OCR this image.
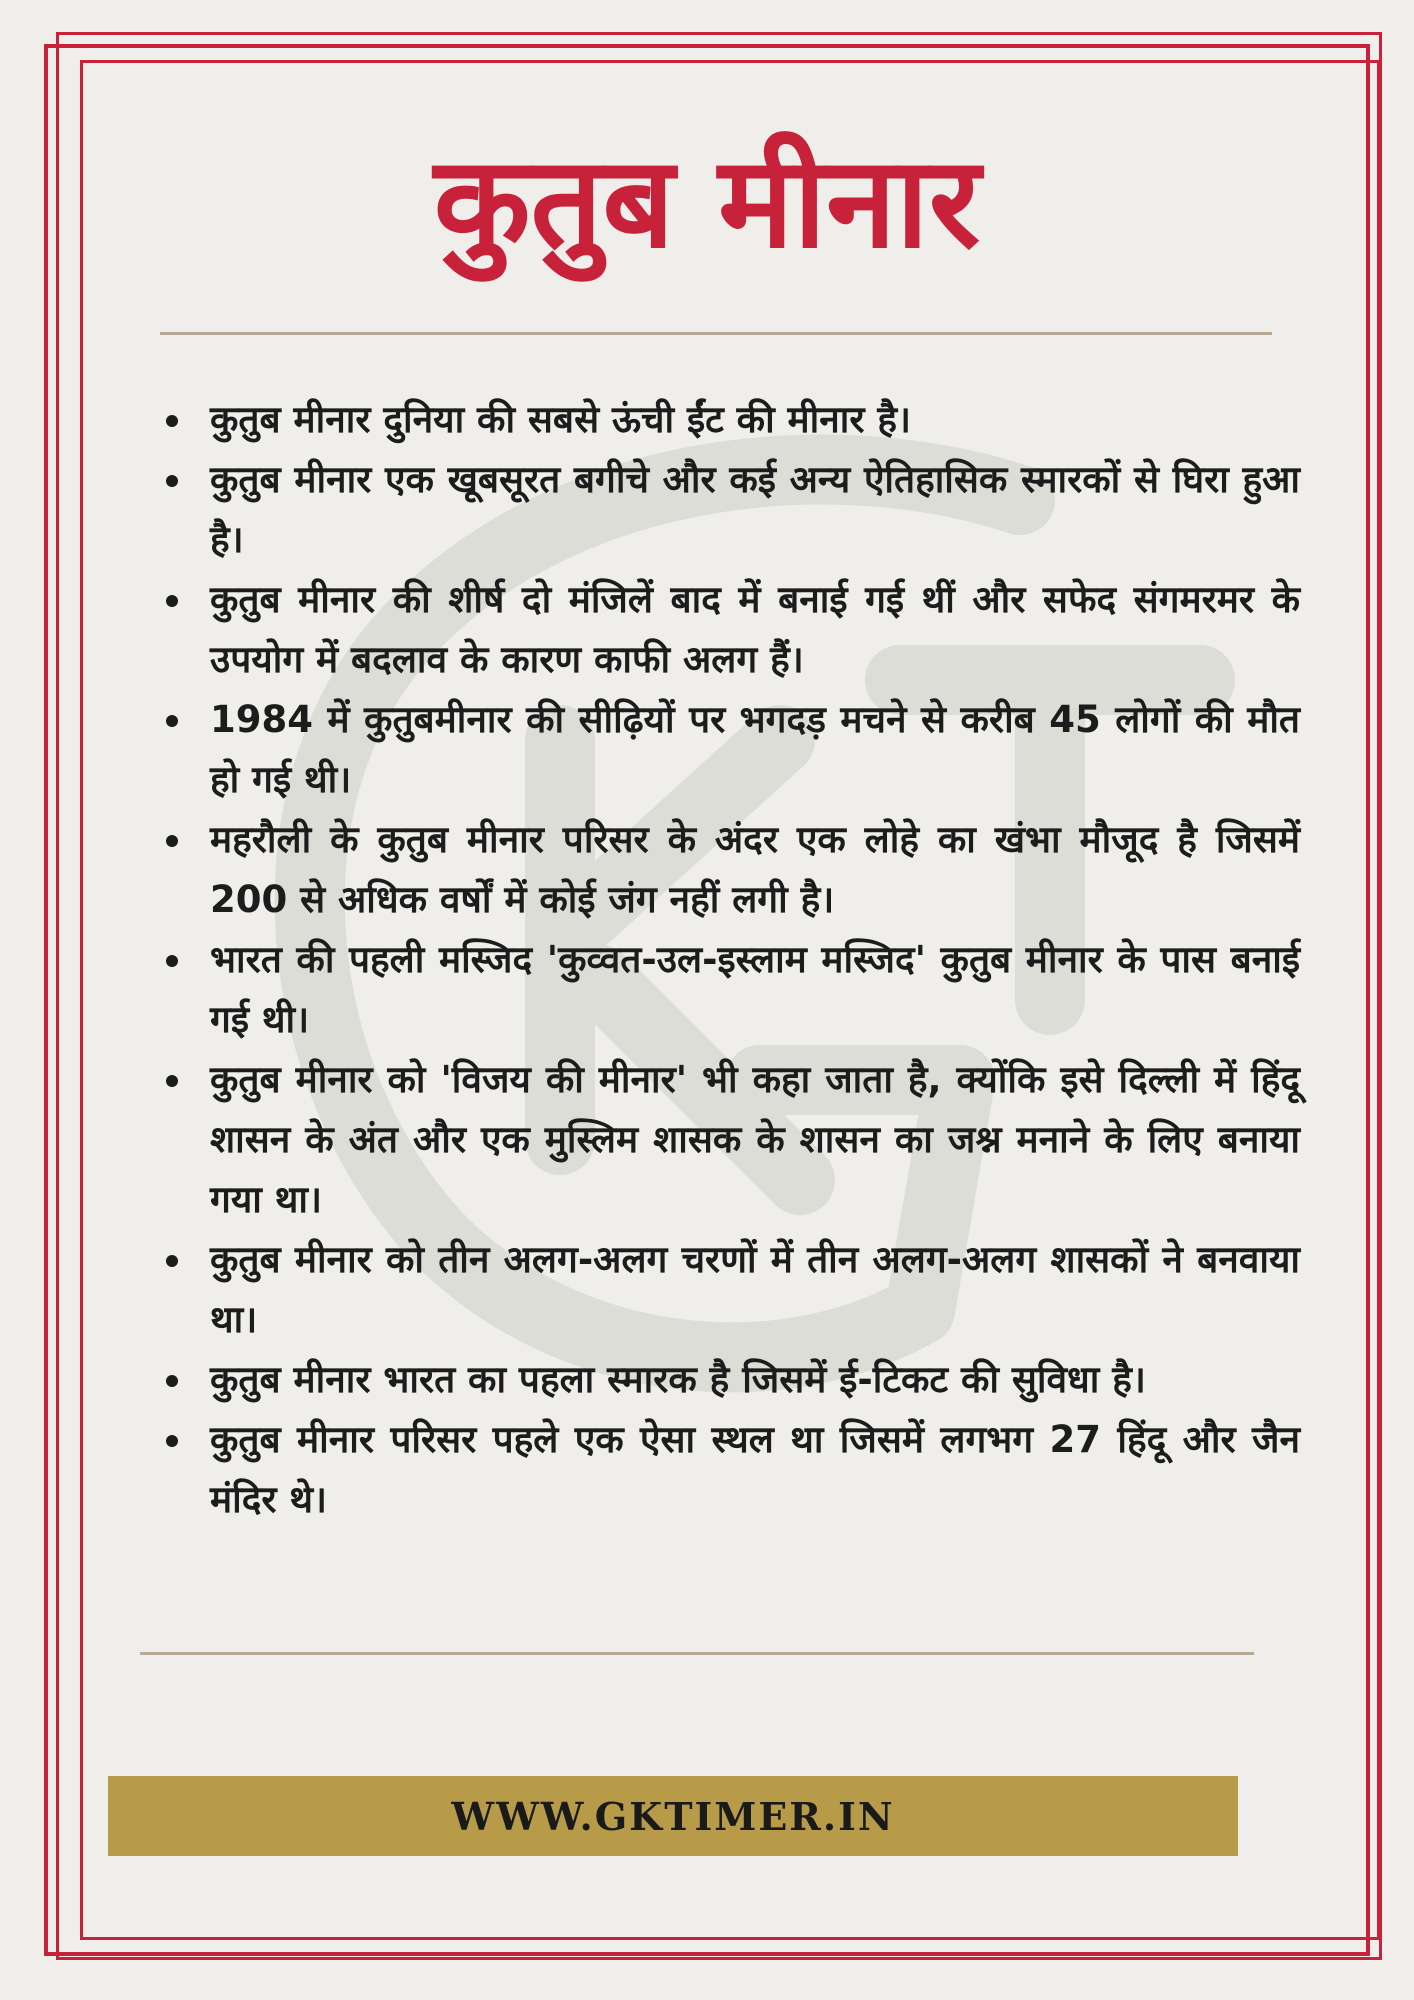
कुतुब मीनार
कुतुब मीनार दुनिया की सबसे ऊंची ईंट की मीनार है।
कुतुब मीनार एक खूबसूरत बगीचे और कई अन्य ऐतिहासिक स्मारकों से घिरा हुआ है।
कुतुब मीनार की शीर्ष दो मंजिलें बाद में बनाई गई थीं और सफेद संगमरमर के उपयोग में बदलाव के कारण काफी अलग हैं।
1984 में कुतुबमीनार की सीढ़ियों पर भगदड़ मचने से करीब 45 लोगों की मौत हो गई थी।
महरौली के कुतुब मीनार परिसर के अंदर एक लोहे का खंभा मौजूद है जिसमें 200 से अधिक वर्षों में कोई जंग नहीं लगी है।
भारत की पहली मस्जिद 'कुव्वत-उल-इस्लाम मस्जिद' कुतुब मीनार के पास बनाई गई थी।
कुतुब मीनार को 'विजय की मीनार' भी कहा जाता है, क्योंकि इसे दिल्ली में हिंदू शासन के अंत और एक मुस्लिम शासक के शासन का जश्न मनाने के लिए बनाया गया था।
कुतुब मीनार को तीन अलग-अलग चरणों में तीन अलग-अलग शासकों ने बनवाया था।
कुतुब मीनार भारत का पहला स्मारक है जिसमें ई-टिकट की सुविधा है।
कुतुब मीनार परिसर पहले एक ऐसा स्थल था जिसमें लगभग 27 हिंदू और जैन मंदिर थे।
WWW.GKTIMER.IN
